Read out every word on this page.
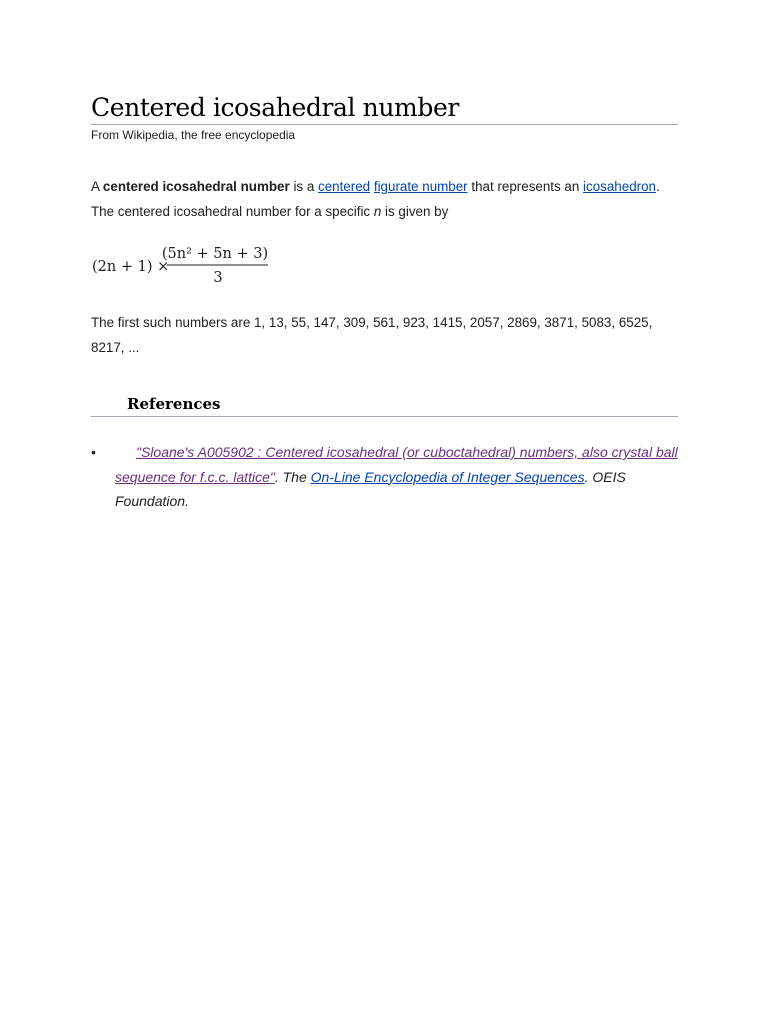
Centered icosahedral number
From Wikipedia, the free encyclopedia

A centered icosahedral number is a centered figurate number that represents an icosahedron. The centered icosahedral number for a specific n is given by

(2n + 1) ×
(5n² + 5n + 3)
3

The first such numbers are 1, 13, 55, 147, 309, 561, 923, 1415, 2057, 2869, 3871, 5083, 6525, 8217, ...

References
•	"Sloane's A005902 : Centered icosahedral (or cuboctahedral) numbers, also crystal ball sequence for f.c.c. lattice". The On-Line Encyclopedia of Integer Sequences. OEIS Foundation.
